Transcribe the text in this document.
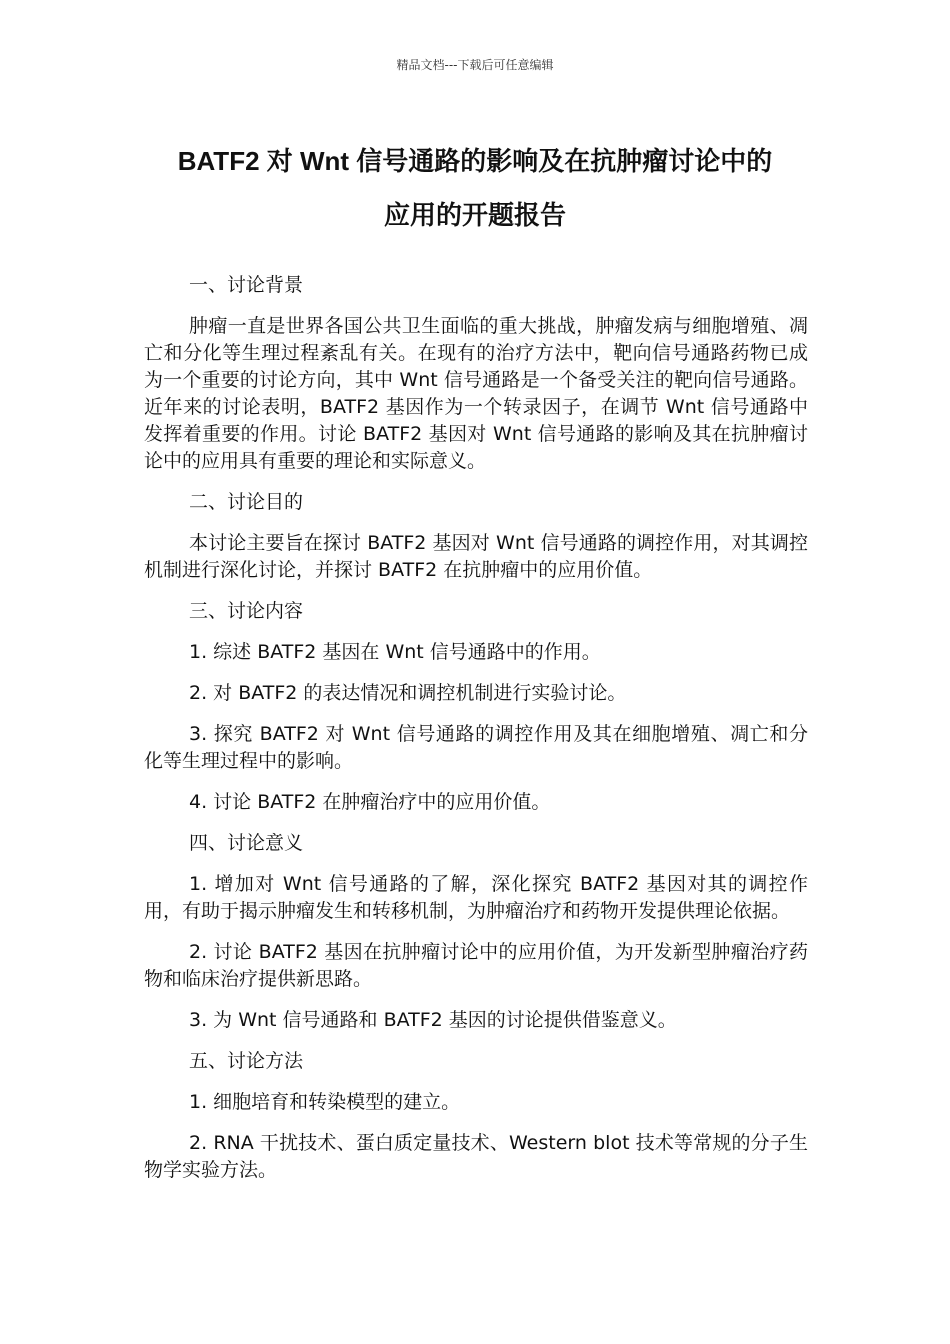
精品文档---下载后可任意编辑
BATF2 对 Wnt 信号通路的影响及在抗肿瘤讨论中的
应用的开题报告

一、讨论背景

肿瘤一直是世界各国公共卫生面临的重大挑战，肿瘤发病与细胞增殖、凋亡和分化等生理过程紊乱有关。在现有的治疗方法中，靶向信号通路药物已成为一个重要的讨论方向，其中 Wnt 信号通路是一个备受关注的靶向信号通路。近年来的讨论表明，BATF2 基因作为一个转录因子，在调节 Wnt 信号通路中发挥着重要的作用。讨论 BATF2 基因对 Wnt 信号通路的影响及其在抗肿瘤讨论中的应用具有重要的理论和实际意义。

二、讨论目的

本讨论主要旨在探讨 BATF2 基因对 Wnt 信号通路的调控作用，对其调控机制进行深化讨论，并探讨 BATF2 在抗肿瘤中的应用价值。

三、讨论内容

1. 综述 BATF2 基因在 Wnt 信号通路中的作用。

2. 对 BATF2 的表达情况和调控机制进行实验讨论。

3. 探究 BATF2 对 Wnt 信号通路的调控作用及其在细胞增殖、凋亡和分化等生理过程中的影响。

4. 讨论 BATF2 在肿瘤治疗中的应用价值。

四、讨论意义

1. 增加对 Wnt 信号通路的了解，深化探究 BATF2 基因对其的调控作用，有助于揭示肿瘤发生和转移机制，为肿瘤治疗和药物开发提供理论依据。

2. 讨论 BATF2 基因在抗肿瘤讨论中的应用价值，为开发新型肿瘤治疗药物和临床治疗提供新思路。

3. 为 Wnt 信号通路和 BATF2 基因的讨论提供借鉴意义。

五、讨论方法

1. 细胞培育和转染模型的建立。

2. RNA 干扰技术、蛋白质定量技术、Western blot 技术等常规的分子生物学实验方法。
